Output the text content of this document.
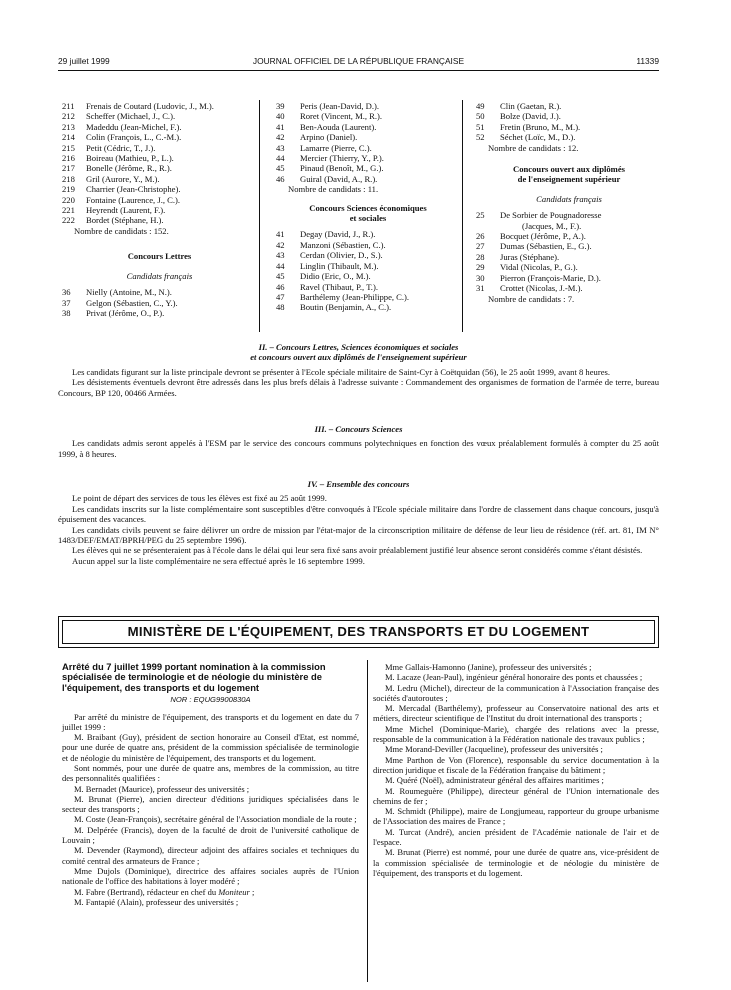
29 juillet 1999	JOURNAL OFFICIEL DE LA RÉPUBLIQUE FRANÇAISE	11339
211 Frenais de Coutard (Ludovic, J., M.).
212 Scheffer (Michael, J., C.).
213 Madeddu (Jean-Michel, F.).
214 Colin (François, L., C.-M.).
215 Petit (Cédric, T., J.).
216 Boireau (Mathieu, P., L.).
217 Bonelle (Jérôme, R., R.).
218 Gril (Aurore, Y., M.).
219 Charrier (Jean-Christophe).
220 Fontaine (Laurence, J., C.).
221 Heyrendt (Laurent, F.).
222 Bordet (Stéphane, H.).
Nombre de candidats : 152.
Concours Lettres
Candidats français
36 Nielly (Antoine, M., N.).
37 Gelgon (Sébastien, C., Y.).
38 Privat (Jérôme, O., P.).
39 Peris (Jean-David, D.).
40 Roret (Vincent, M., R.).
41 Ben-Aouda (Laurent).
42 Arpino (Daniel).
43 Lamarre (Pierre, C.).
44 Mercier (Thierry, Y., P.).
45 Pinaud (Benoît, M., G.).
46 Guiral (David, A., R.).
Nombre de candidats : 11.
Concours Sciences économiques
et sociales
41 Degay (David, J., R.).
42 Manzoni (Sébastien, C.).
43 Cerdan (Olivier, D., S.).
44 Linglin (Thibault, M.).
45 Didio (Eric, O., M.).
46 Ravel (Thibaut, P., T.).
47 Barthélemy (Jean-Philippe, C.).
48 Boutin (Benjamin, A., C.).
49 Clin (Gaetan, R.).
50 Bolze (David, J.).
51 Fretin (Bruno, M., M.).
52 Séchet (Loïc, M., D.).
Nombre de candidats : 12.
Concours ouvert aux diplômés
de l'enseignement supérieur
Candidats français
25 De Sorbier de Pougnadoresse
(Jacques, M., F.).
26 Bocquet (Jérôme, P., A.).
27 Dumas (Sébastien, E., G.).
28 Juras (Stéphane).
29 Vidal (Nicolas, P., G.).
30 Pierron (François-Marie, D.).
31 Crottet (Nicolas, J.-M.).
Nombre de candidats : 7.
II. – Concours Lettres, Sciences économiques et sociales
et concours ouvert aux diplômés de l'enseignement supérieur
Les candidats figurant sur la liste principale devront se présenter à l'Ecole spéciale militaire de Saint-Cyr à Coëtquidan (56), le 25 août 1999, avant 8 heures.
Les désistements éventuels devront être adressés dans les plus brefs délais à l'adresse suivante : Commandement des organismes de formation de l'armée de terre, bureau Concours, BP 120, 00466 Armées.
III. – Concours Sciences
Les candidats admis seront appelés à l'ESM par le service des concours communs polytechniques en fonction des vœux préalablement formulés à compter du 25 août 1999, à 8 heures.
IV. – Ensemble des concours
Le point de départ des services de tous les élèves est fixé au 25 août 1999.
Les candidats inscrits sur la liste complémentaire sont susceptibles d'être convoqués à l'Ecole spéciale militaire dans l'ordre de classement dans chaque concours, jusqu'à épuisement des vacances.
Les candidats civils peuvent se faire délivrer un ordre de mission par l'état-major de la circonscription militaire de défense de leur lieu de résidence (réf. art. 81, IM N° 1483/DEF/EMAT/BPRH/PEG du 25 septembre 1996).
Les élèves qui ne se présenteraient pas à l'école dans le délai qui leur sera fixé sans avoir préalablement justifié leur absence seront considérés comme s'étant désistés.
Aucun appel sur la liste complémentaire ne sera effectué après le 16 septembre 1999.
MINISTÈRE DE L'ÉQUIPEMENT, DES TRANSPORTS ET DU LOGEMENT
Arrêté du 7 juillet 1999 portant nomination à la commission spécialisée de terminologie et de néologie du ministère de l'équipement, des transports et du logement
NOR : EQUG9900830A
Par arrêté du ministre de l'équipement, des transports et du logement en date du 7 juillet 1999 :
M. Braibant (Guy), président de section honoraire au Conseil d'Etat, est nommé, pour une durée de quatre ans, président de la commission spécialisée de terminologie et de néologie du ministère de l'équipement, des transports et du logement.
Sont nommés, pour une durée de quatre ans, membres de la commission, au titre des personnalités qualifiées :
M. Bernadet (Maurice), professeur des universités ;
M. Brunat (Pierre), ancien directeur d'éditions juridiques spécialisées dans le secteur des transports ;
M. Coste (Jean-François), secrétaire général de l'Association mondiale de la route ;
M. Delpérée (Francis), doyen de la faculté de droit de l'université catholique de Louvain ;
M. Devender (Raymond), directeur adjoint des affaires sociales et techniques du comité central des armateurs de France ;
Mme Dujols (Dominique), directrice des affaires sociales auprès de l'Union nationale de l'office des habitations à loyer modéré ;
M. Fabre (Bertrand), rédacteur en chef du Moniteur ;
M. Fantapié (Alain), professeur des universités ;
Mme Gallais-Hamonno (Janine), professeur des universités ;
M. Lacaze (Jean-Paul), ingénieur général honoraire des ponts et chaussées ;
M. Ledru (Michel), directeur de la communication à l'Association française des sociétés d'autoroutes ;
M. Mercadal (Barthélemy), professeur au Conservatoire national des arts et métiers, directeur scientifique de l'Institut du droit international des transports ;
Mme Michel (Dominique-Marie), chargée des relations avec la presse, responsable de la communication à la Fédération nationale des travaux publics ;
Mme Morand-Deviller (Jacqueline), professeur des universités ;
Mme Parthon de Von (Florence), responsable du service documentation à la direction juridique et fiscale de la Fédération française du bâtiment ;
M. Quéré (Noël), administrateur général des affaires maritimes ;
M. Roumeguère (Philippe), directeur général de l'Union internationale des chemins de fer ;
M. Schmidt (Philippe), maire de Longjumeau, rapporteur du groupe urbanisme de l'Association des maires de France ;
M. Turcat (André), ancien président de l'Académie nationale de l'air et de l'espace.
M. Brunat (Pierre) est nommé, pour une durée de quatre ans, vice-président de la commission spécialisée de terminologie et de néologie du ministère de l'équipement, des transports et du logement.
